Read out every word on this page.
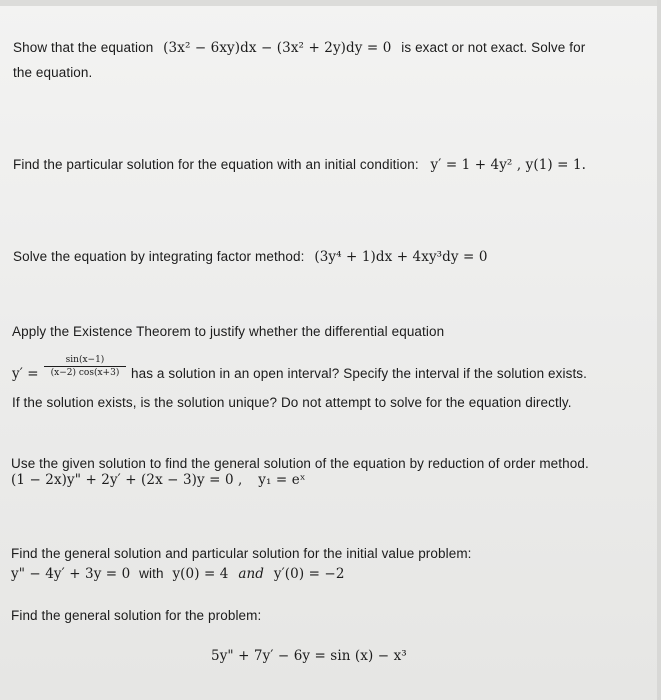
Show that the equation (3x² − 6xy)dx − (3x² + 2y)dy = 0 is exact or not exact. Solve for
the equation.
Find the particular solution for the equation with an initial condition: y′ = 1 + 4y² , y(1) = 1.
Solve the equation by integrating factor method: (3y⁴ + 1)dx + 4xy³dy = 0
Apply the Existence Theorem to justify whether the differential equation
y′ =
sin(x−1)
(x−2) cos(x+3) has a solution in an open interval? Specify the interval if the solution exists.
If the solution exists, is the solution unique? Do not attempt to solve for the equation directly.
Use the given solution to find the general solution of the equation by reduction of order method.
(1 − 2x)y" + 2y′ + (2x − 3)y = 0 , y₁ = eˣ
Find the general solution and particular solution for the initial value problem:
y" − 4y′ + 3y = 0 with y(0) = 4 and y′(0) = −2
Find the general solution for the problem:
5y" + 7y′ − 6y = sin (x) − x³
